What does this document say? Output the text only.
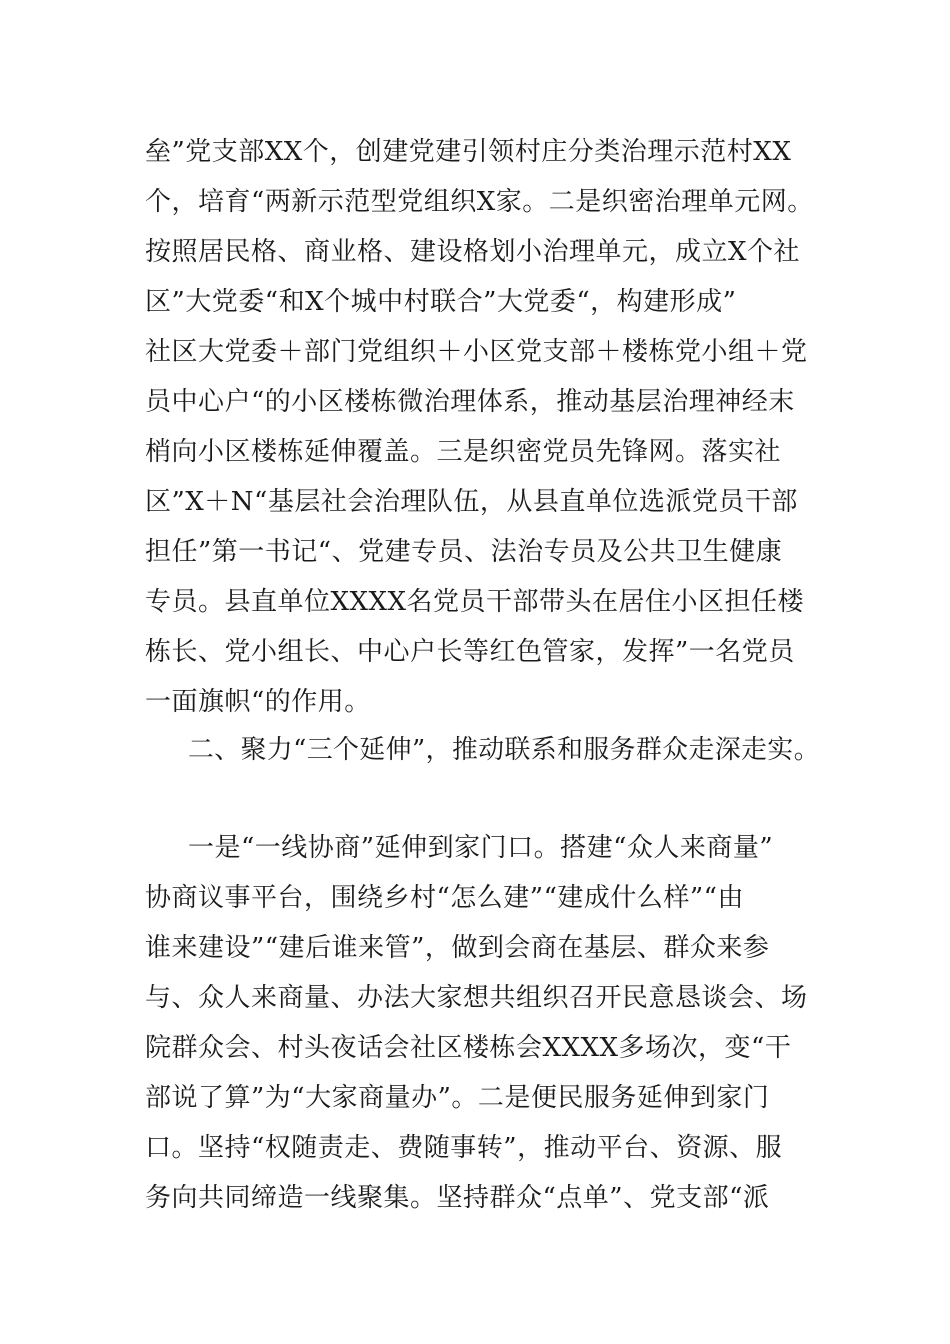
垒”党支部XX个，创建党建引领村庄分类治理示范村XX

个，培育“两新示范型党组织X家。二是织密治理单元网。

按照居民格、商业格、建设格划小治理单元，成立X个社

区”大党委“和X个城中村联合”大党委“，构建形成”

社区大党委＋部门党组织＋小区党支部＋楼栋党小组＋党

员中心户“的小区楼栋微治理体系，推动基层治理神经末

梢向小区楼栋延伸覆盖。三是织密党员先锋网。落实社

区”X＋N“基层社会治理队伍，从县直单位选派党员干部

担任”第一书记“、党建专员、法治专员及公共卫生健康

专员。县直单位XXXX名党员干部带头在居住小区担任楼

栋长、党小组长、中心户长等红色管家，发挥”一名党员

一面旗帜“的作用。

二、聚力“三个延伸”，推动联系和服务群众走深走实。

一是“一线协商”延伸到家门口。搭建“众人来商量”

协商议事平台，围绕乡村“怎么建”“建成什么样”“由

谁来建设”“建后谁来管”，做到会商在基层、群众来参

与、众人来商量、办法大家想共组织召开民意恳谈会、场

院群众会、村头夜话会社区楼栋会XXXX多场次，变“干

部说了算”为“大家商量办”。二是便民服务延伸到家门

口。坚持“权随责走、费随事转”，推动平台、资源、服

务向共同缔造一线聚集。坚持群众“点单”、党支部“派
